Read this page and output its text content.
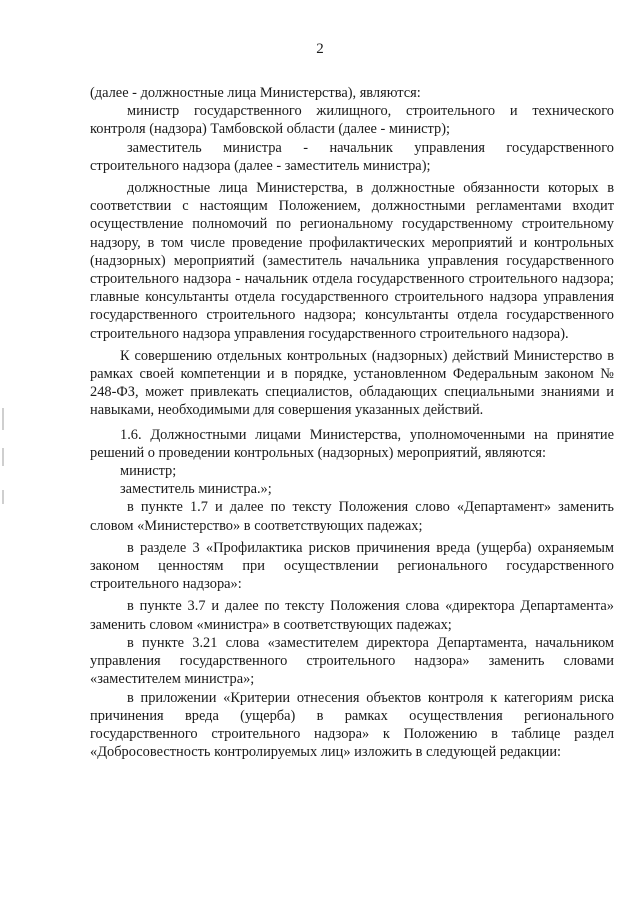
2

(далее - должностные лица Министерства), являются:

министр государственного жилищного, строительного и технического контроля (надзора) Тамбовской области (далее - министр);

заместитель министра - начальник управления государственного строительного надзора (далее - заместитель министра);

должностные лица Министерства, в должностные обязанности которых в соответствии с настоящим Положением, должностными регламентами входит осуществление полномочий по региональному государственному строительному надзору, в том числе проведение профилактических мероприятий и контрольных (надзорных) мероприятий (заместитель начальника управления государственного строительного надзора - начальник отдела государственного строительного надзора; главные консультанты отдела государственного строительного надзора управления государственного строительного надзора; консультанты отдела государственного строительного надзора управления государственного строительного надзора).

К совершению отдельных контрольных (надзорных) действий Министерство в рамках своей компетенции и в порядке, установленном Федеральным законом № 248-ФЗ, может привлекать специалистов, обладающих специальными знаниями и навыками, необходимыми для совершения указанных действий.

1.6. Должностными лицами Министерства, уполномоченными на принятие решений о проведении контрольных (надзорных) мероприятий, являются:

министр;

заместитель министра.»;

в пункте 1.7 и далее по тексту Положения слово «Департамент» заменить словом «Министерство» в соответствующих падежах;

в разделе 3 «Профилактика рисков причинения вреда (ущерба) охраняемым законом ценностям при осуществлении регионального государственного строительного надзора»:

в пункте 3.7 и далее по тексту Положения слова «директора Департамента» заменить словом «министра» в соответствующих падежах;

в пункте 3.21 слова «заместителем директора Департамента, начальником управления государственного строительного надзора» заменить словами «заместителем министра»;

в приложении «Критерии отнесения объектов контроля к категориям риска причинения вреда (ущерба) в рамках осуществления регионального государственного строительного надзора» к Положению в таблице раздел «Добросовестность контролируемых лиц» изложить в следующей редакции:
